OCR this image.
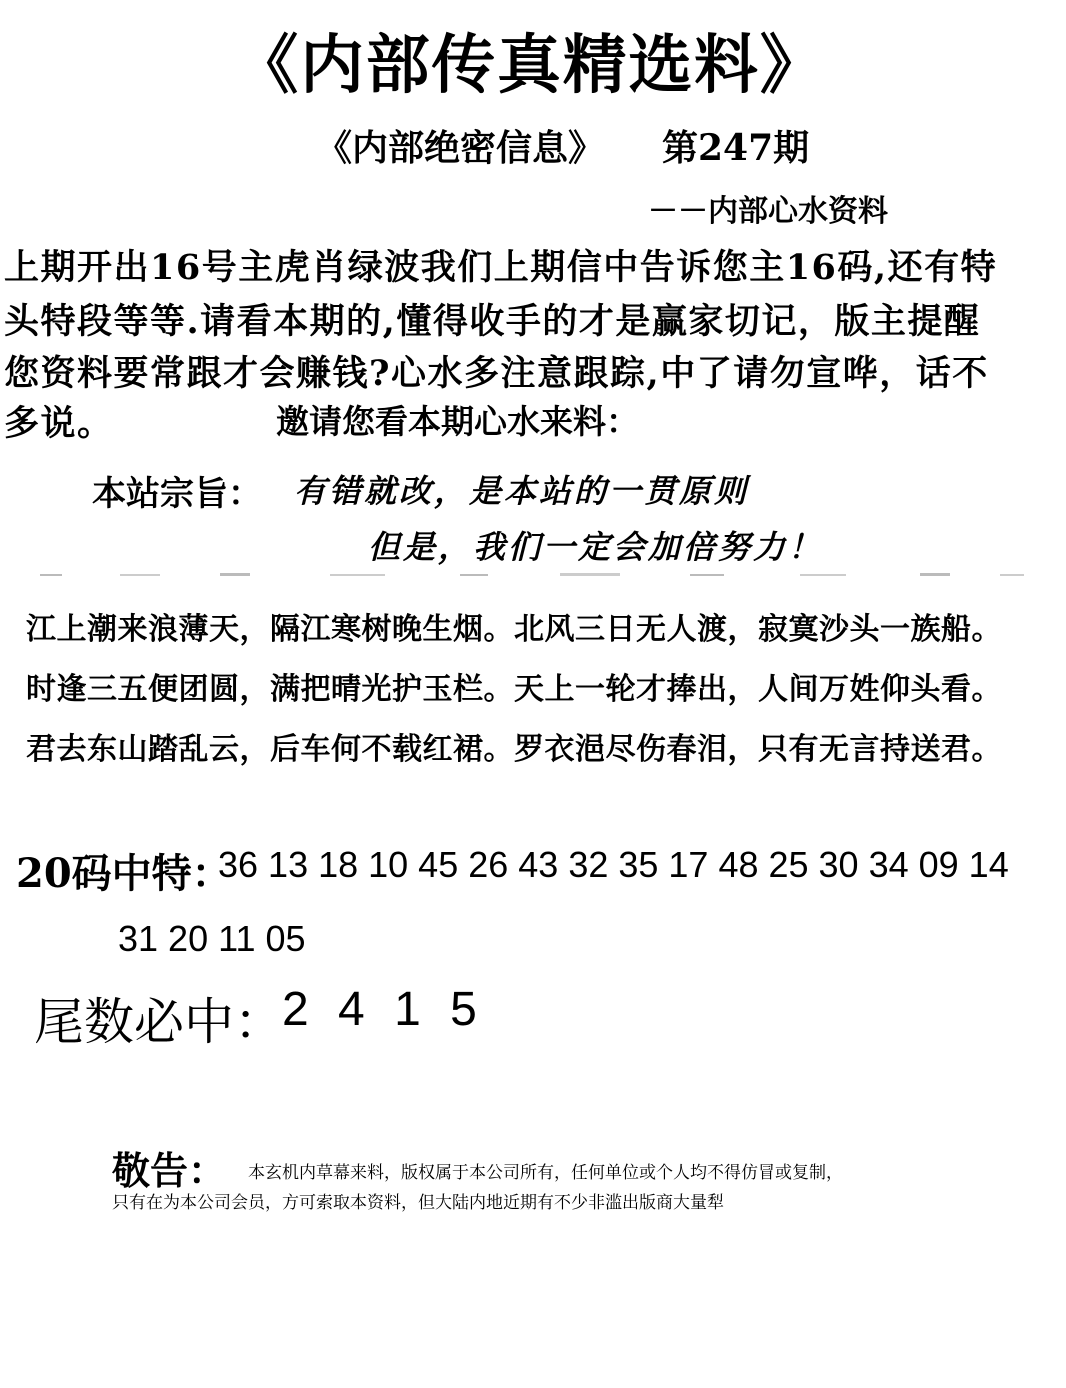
《内部传真精选料》
《内部绝密信息》 第247期
－－内部心水资料
上期开出16号主虎肖绿波我们上期信中告诉您主16码,还有特
头特段等等.请看本期的,懂得收手的才是赢家切记，版主提醒
您资料要常跟才会赚钱?心水多注意跟踪,中了请勿宣哗，话不
多说。	邀请您看本期心水来料：
本站宗旨： 有错就改，是本站的一贯原则
但是，我们一定会加倍努力！
江上潮来浪薄天，隔江寒树晚生烟。北风三日无人渡，寂寞沙头一族船。
时逢三五便团圆，满把晴光护玉栏。天上一轮才捧出，人间万姓仰头看。
君去东山踏乱云，后车何不载红裙。罗衣浥尽伤春泪，只有无言持送君。
20码中特：
36 13 18 10 45 26 43 32 35 17 48 25 30 34 09 14
31 20 11 05
尾数必中：
2 4 1 5
敬告： 本玄机内草幕来料，版权属于本公司所有，任何单位或个人均不得仿冒或复制，
只有在为本公司会员，方可索取本资料，但大陆内地近期有不少非滥出版商大量犁
